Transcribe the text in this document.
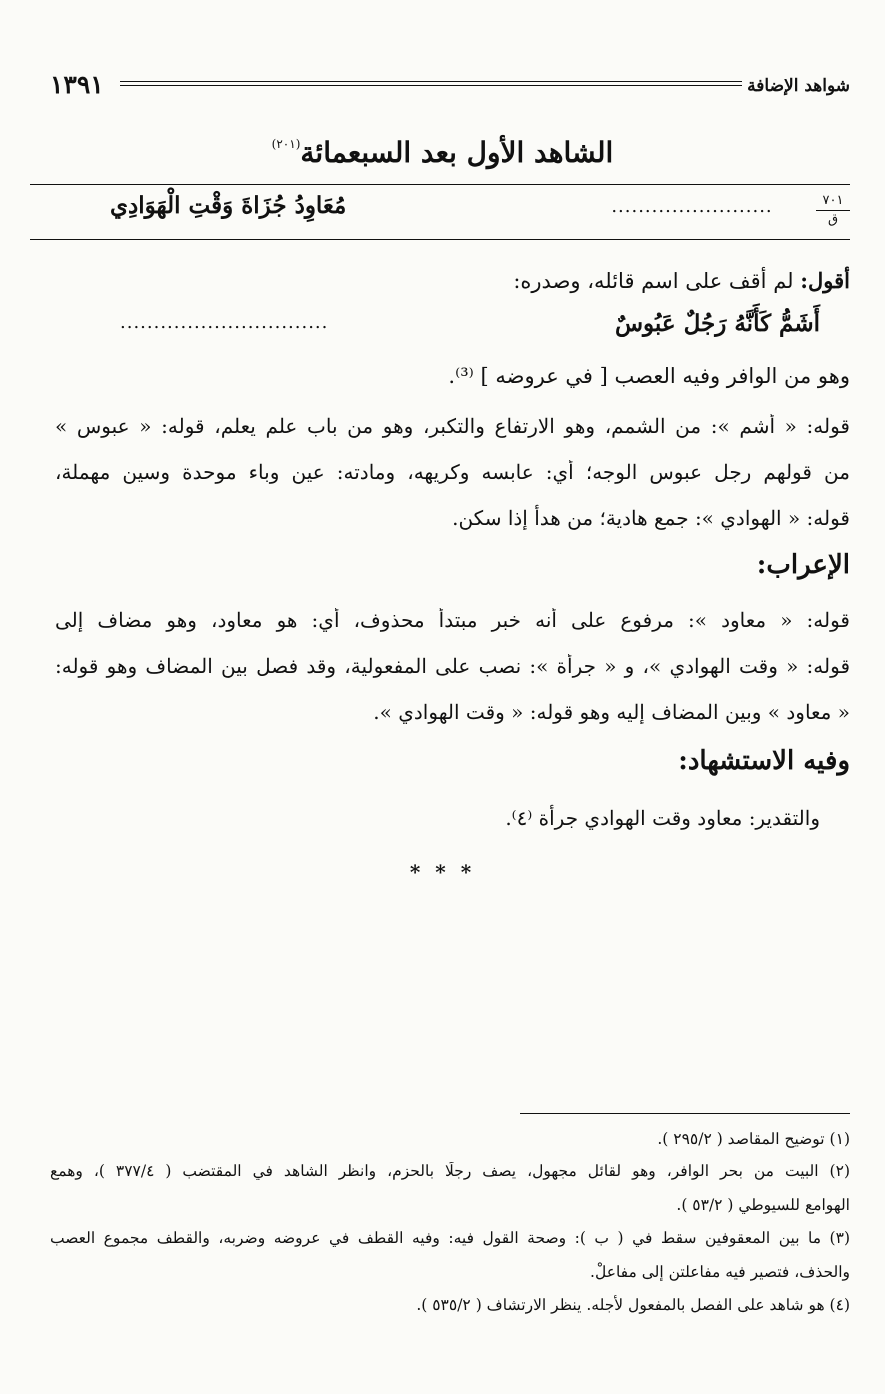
شواهد الإضافة
١٣٩١
الشاهد الأول بعد السبعمائة$^{(٢٠١)}$
٧٠١
ق
........................
مُعَاوِدُ جُزَاةَ وَقْتِ الْهَوَادِي
أقول: لم أقف على اسم قائله، وصدره:
أَشَمُّ كَأَنَّهُ رَجُلٌ عَبُوسٌ
...............................
وهو من الوافر وفيه العصب [ في عروضه ] ⁽³⁾.
قوله: « أشم »: من الشمم، وهو الارتفاع والتكبر، وهو من باب علم يعلم، قوله: « عبوس »
من قولهم رجل عبوس الوجه؛ أي: عابسه وكريهه، ومادته: عين وباء موحدة وسين مهملة،
قوله: « الهوادي »: جمع هادية؛ من هدأ إذا سكن.
الإعراب:
قوله: « معاود »: مرفوع على أنه خبر مبتدأ محذوف، أي: هو معاود، وهو مضاف إلى
قوله: « وقت الهوادي »، و « جرأة »: نصب على المفعولية، وقد فصل بين المضاف وهو قوله:
« معاود » وبين المضاف إليه وهو قوله: « وقت الهوادي ».
وفيه الاستشهاد:
والتقدير: معاود وقت الهوادي جرأة ⁽٤⁾.
* * *
(١) توضيح المقاصد ( ٢٩٥/٢ ).
(٢) البيت من بحر الوافر، وهو لقائل مجهول، يصف رجلًا بالحزم، وانظر الشاهد في المقتضب ( ٣٧٧/٤ )، وهمع
الهوامع للسيوطي ( ٥٣/٢ ).
(٣) ما بين المعقوفين سقط في ( ب ): وصحة القول فيه: وفيه القطف في عروضه وضربه، والقطف مجموع العصب
والحذف، فتصير فيه مفاعلتن إلى مفاعلْ.
(٤) هو شاهد على الفصل بالمفعول لأجله. ينظر الارتشاف ( ٥٣٥/٢ ).
